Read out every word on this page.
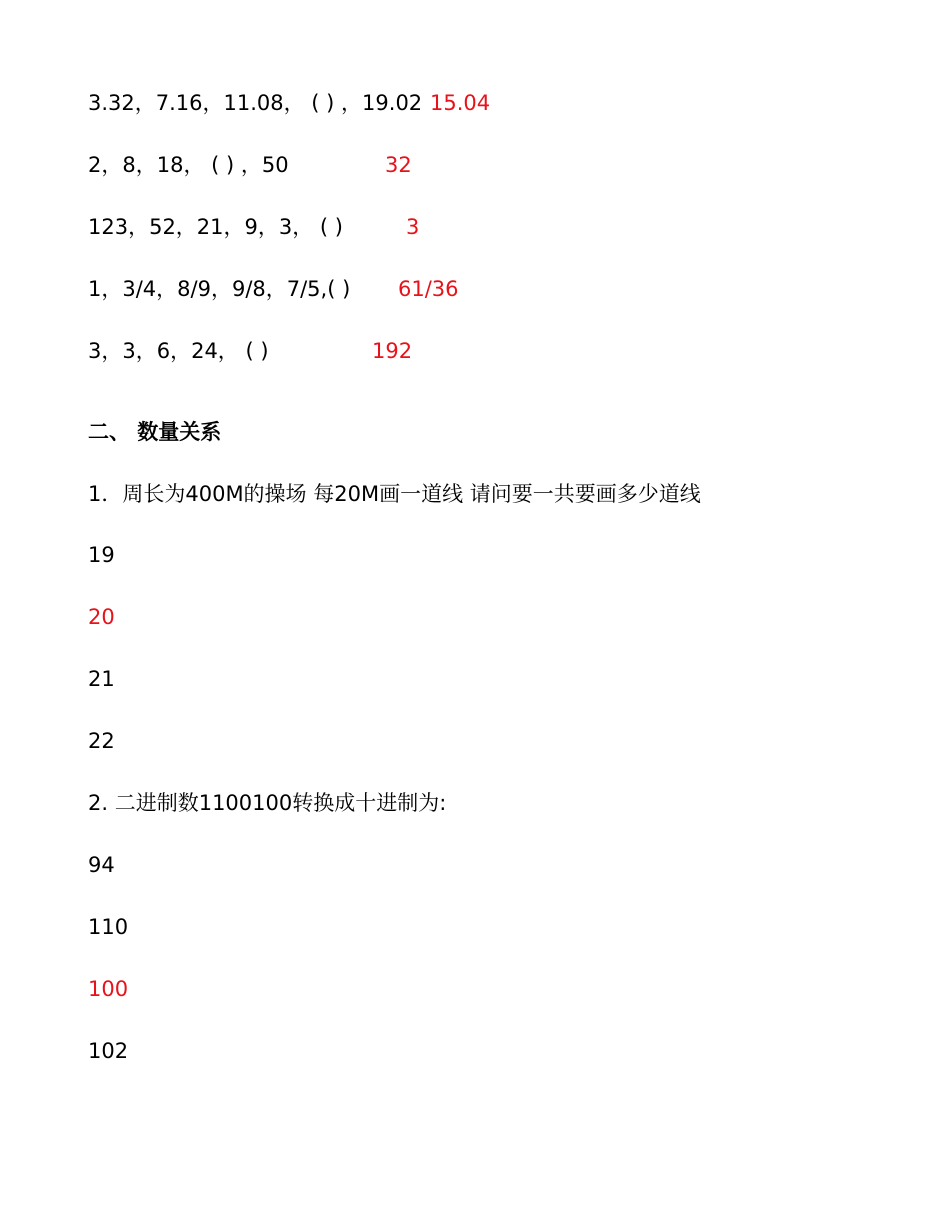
3.32，7.16，11.08， ( ) ，19.02 15.04
2，8，18， ( ) ，50	32
123，52，21，9，3， ( )	3
1，3/4，8/9，9/8，7/5,( ) 61/36
3，3，6，24， ( )	192
二、 数量关系
1．周长为400M的操场 每20M画一道线 请问要一共要画多少道线
19
20
21
22
2. 二进制数1100100转换成十进制为:
94
110
100
102
